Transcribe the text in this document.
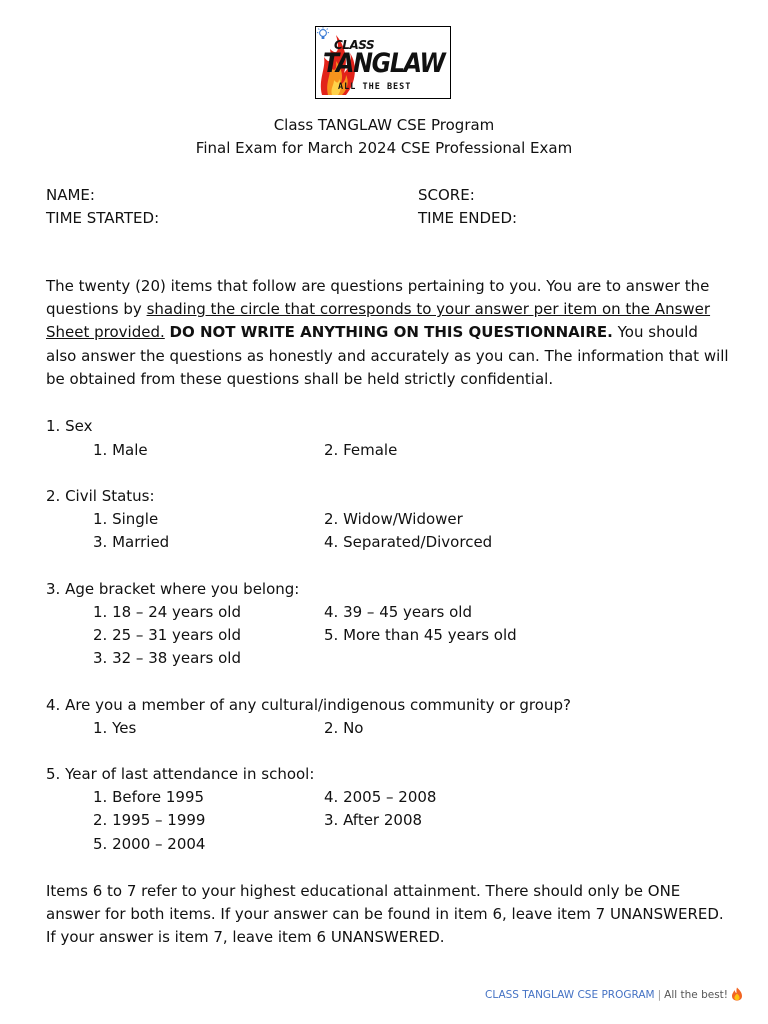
CLASS
TANGLAW
ALL THE BEST
Class TANGLAW CSE Program
Final Exam for March 2024 CSE Professional Exam
NAME:	SCORE:
TIME STARTED:	TIME ENDED:
The twenty (20) items that follow are questions pertaining to you. You are to answer the questions by shading the circle that corresponds to your answer per item on the Answer Sheet provided. DO NOT WRITE ANYTHING ON THIS QUESTIONNAIRE. You should also answer the questions as honestly and accurately as you can. The information that will be obtained from these questions shall be held strictly confidential.
1. Sex
1. Male	2. Female
2. Civil Status:
1. Single	2. Widow/Widower
3. Married	4. Separated/Divorced
3. Age bracket where you belong:
1. 18 – 24 years old	4. 39 – 45 years old
2. 25 – 31 years old	5. More than 45 years old
3. 32 – 38 years old
4. Are you a member of any cultural/indigenous community or group?
1. Yes	2. No
5. Year of last attendance in school:
1. Before 1995	4. 2005 – 2008
2. 1995 – 1999	3. After 2008
5. 2000 – 2004
Items 6 to 7 refer to your highest educational attainment. There should only be ONE answer for both items. If your answer can be found in item 6, leave item 7 UNANSWERED. If your answer is item 7, leave item 6 UNANSWERED.
CLASS TANGLAW CSE PROGRAM | All the best!
